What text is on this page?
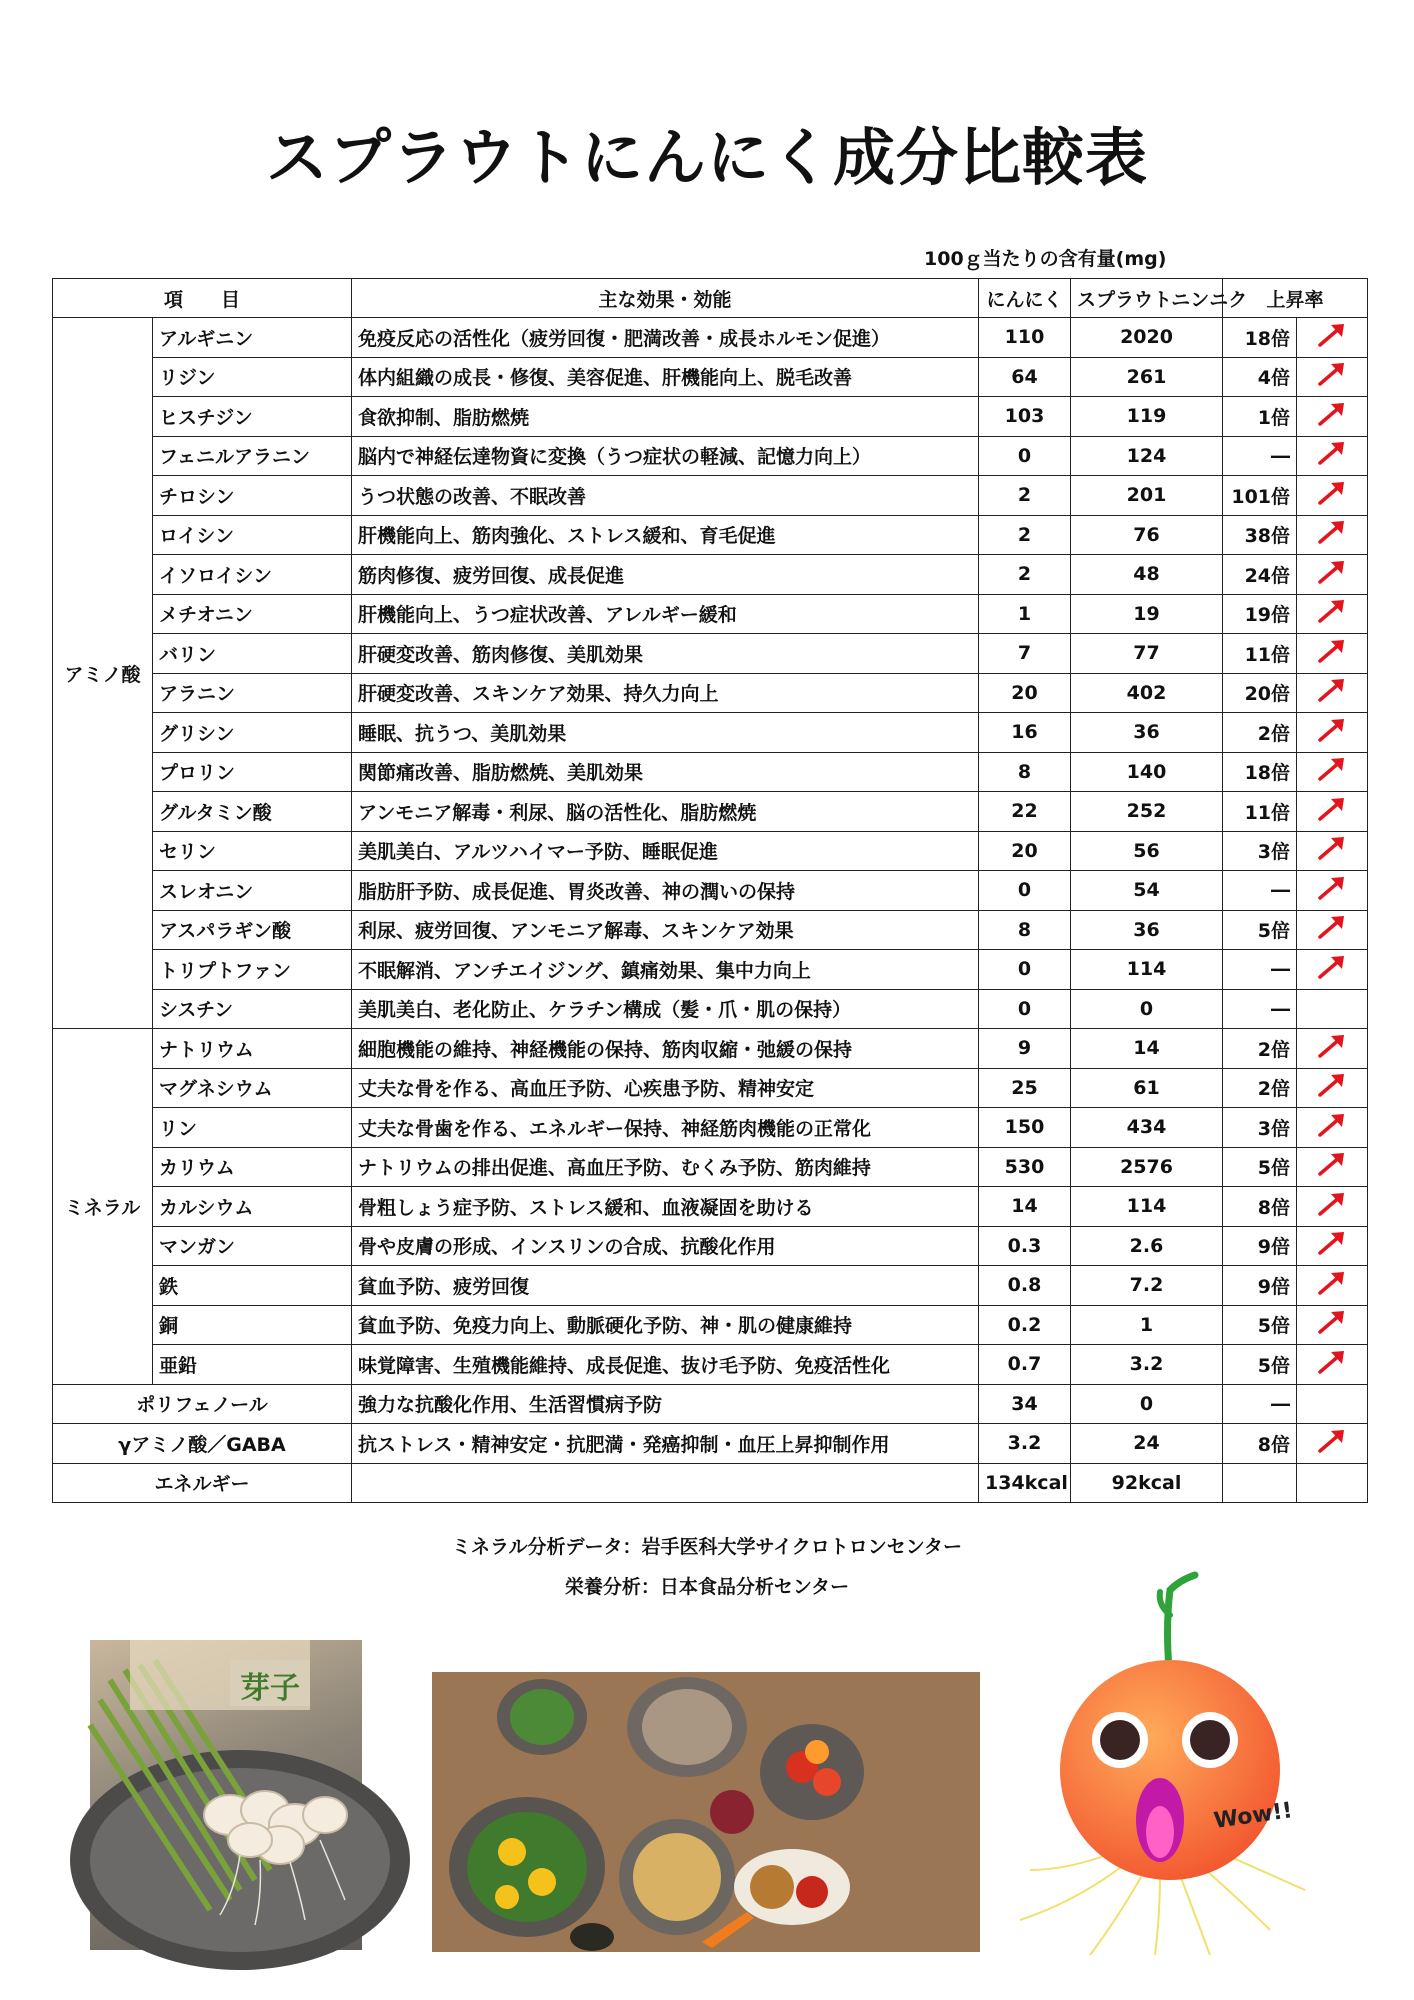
スプラウトにんにく成分比較表
100ｇ当たりの含有量(mg)
項　　目		主な効果・効能	にんにく	スプラウトニンニク	上昇率	
アミノ酸	アルギニン	免疫反応の活性化（疲労回復・肥満改善・成長ホルモン促進）	110	2020	18倍	
	リジン	体内組織の成長・修復、美容促進、肝機能向上、脱毛改善	64	261	4倍	
	ヒスチジン	食欲抑制、脂肪燃焼	103	119	1倍	
	フェニルアラニン	脳内で神経伝達物資に変換（うつ症状の軽減、記憶力向上）	0	124	―	
	チロシン	うつ状態の改善、不眠改善	2	201	101倍	
	ロイシン	肝機能向上、筋肉強化、ストレス緩和、育毛促進	2	76	38倍	
	イソロイシン	筋肉修復、疲労回復、成長促進	2	48	24倍	
	メチオニン	肝機能向上、うつ症状改善、アレルギー緩和	1	19	19倍	
	バリン	肝硬変改善、筋肉修復、美肌効果	7	77	11倍	
	アラニン	肝硬変改善、スキンケア効果、持久力向上	20	402	20倍	
	グリシン	睡眠、抗うつ、美肌効果	16	36	2倍	
	プロリン	関節痛改善、脂肪燃焼、美肌効果	8	140	18倍	
	グルタミン酸	アンモニア解毒・利尿、脳の活性化、脂肪燃焼	22	252	11倍	
	セリン	美肌美白、アルツハイマー予防、睡眠促進	20	56	3倍	
	スレオニン	脂肪肝予防、成長促進、胃炎改善、神の潤いの保持	0	54	―	
	アスパラギン酸	利尿、疲労回復、アンモニア解毒、スキンケア効果	8	36	5倍	
	トリプトファン	不眠解消、アンチエイジング、鎮痛効果、集中力向上	0	114	―	
	シスチン	美肌美白、老化防止、ケラチン構成（髪・爪・肌の保持）	0	0	―	
ミネラル	ナトリウム	細胞機能の維持、神経機能の保持、筋肉収縮・弛緩の保持	9	14	2倍	
	マグネシウム	丈夫な骨を作る、高血圧予防、心疾患予防、精神安定	25	61	2倍	
	リン	丈夫な骨歯を作る、エネルギー保持、神経筋肉機能の正常化	150	434	3倍	
	カリウム	ナトリウムの排出促進、高血圧予防、むくみ予防、筋肉維持	530	2576	5倍	
	カルシウム	骨粗しょう症予防、ストレス緩和、血液凝固を助ける	14	114	8倍	
	マンガン	骨や皮膚の形成、インスリンの合成、抗酸化作用	0.3	2.6	9倍	
	鉄	貧血予防、疲労回復	0.8	7.2	9倍	
	銅	貧血予防、免疫力向上、動脈硬化予防、神・肌の健康維持	0.2	1	5倍	
	亜鉛	味覚障害、生殖機能維持、成長促進、抜け毛予防、免疫活性化	0.7	3.2	5倍	
ポリフェノール		強力な抗酸化作用、生活習慣病予防	34	0	―	
γアミノ酸／GABA		抗ストレス・精神安定・抗肥満・発癌抑制・血圧上昇抑制作用	3.2	24	8倍	
エネルギー			134kcal	92kcal		
ミネラル分析データ：岩手医科大学サイクロトロンセンター
栄養分析：日本食品分析センター
芽子
Wow!!
